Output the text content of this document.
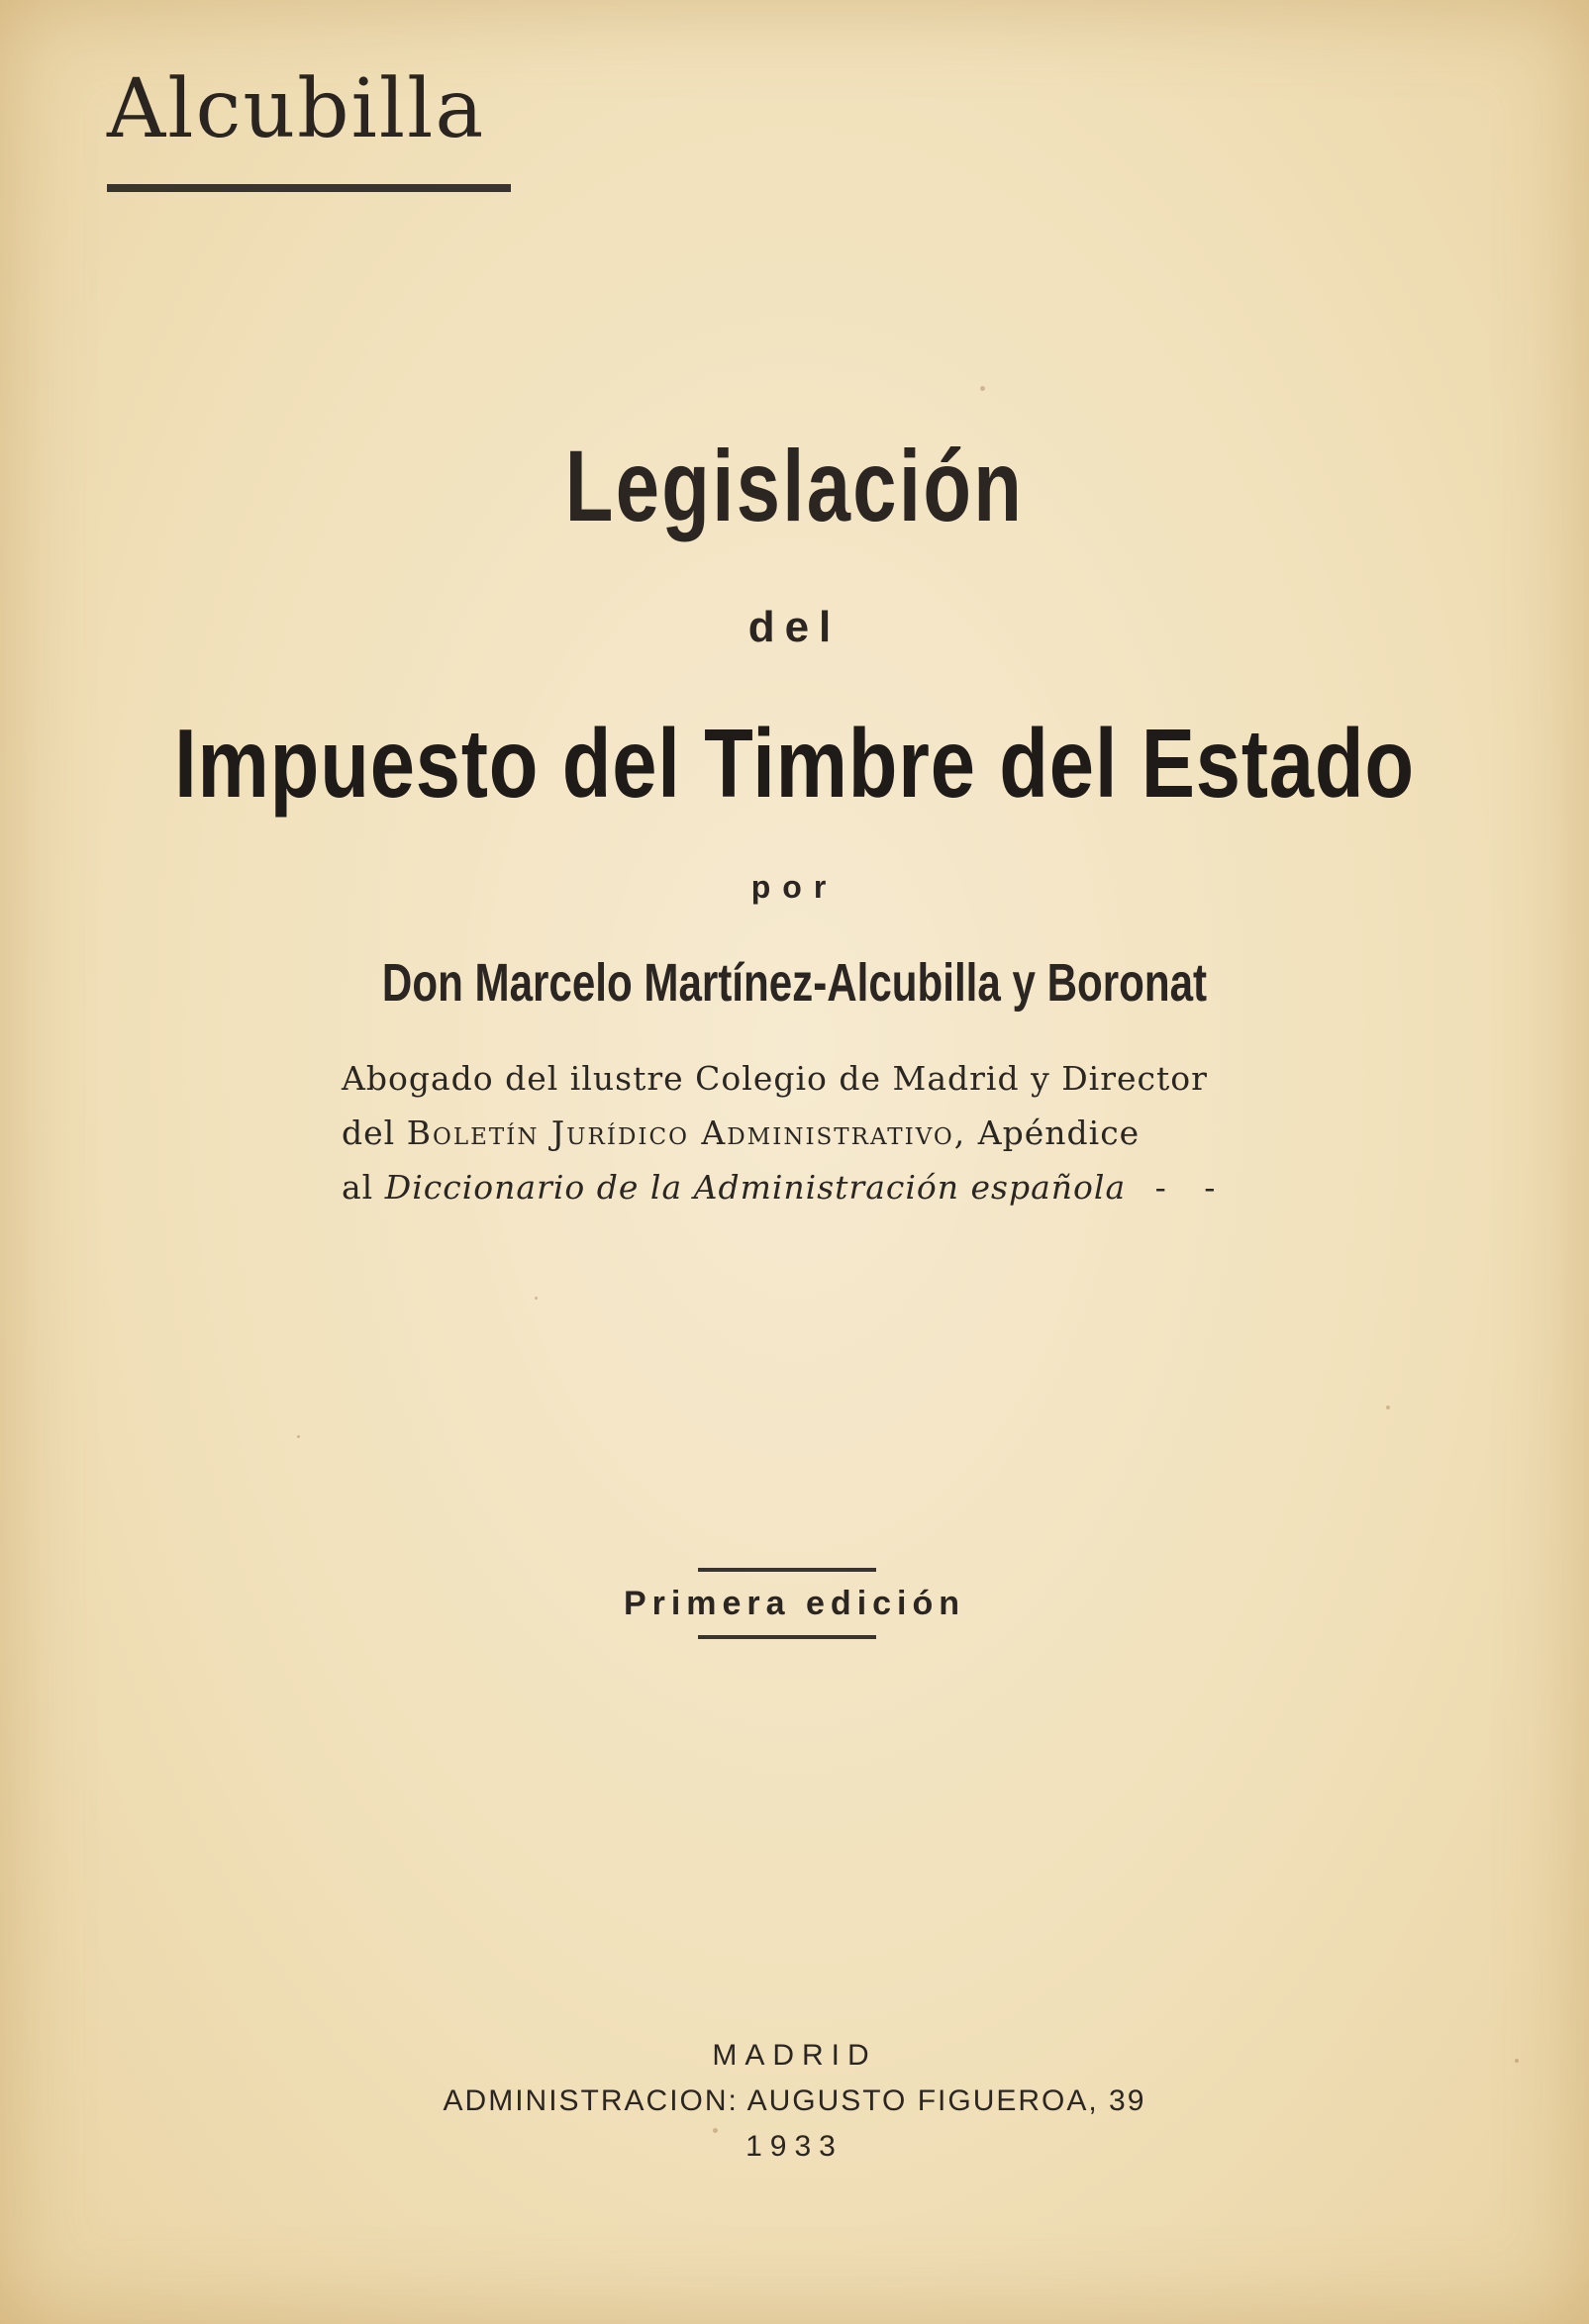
Alcubilla
Legislación
del
Impuesto del Timbre del Estado
por
Don Marcelo Martínez-Alcubilla y Boronat
Abogado del ilustre Colegio de Madrid y Director
del Boletín Jurídico Administrativo, Apéndice
al Diccionario de la Administración española - -
Primera edición
MADRID
ADMINISTRACION: AUGUSTO FIGUEROA, 39
1933
